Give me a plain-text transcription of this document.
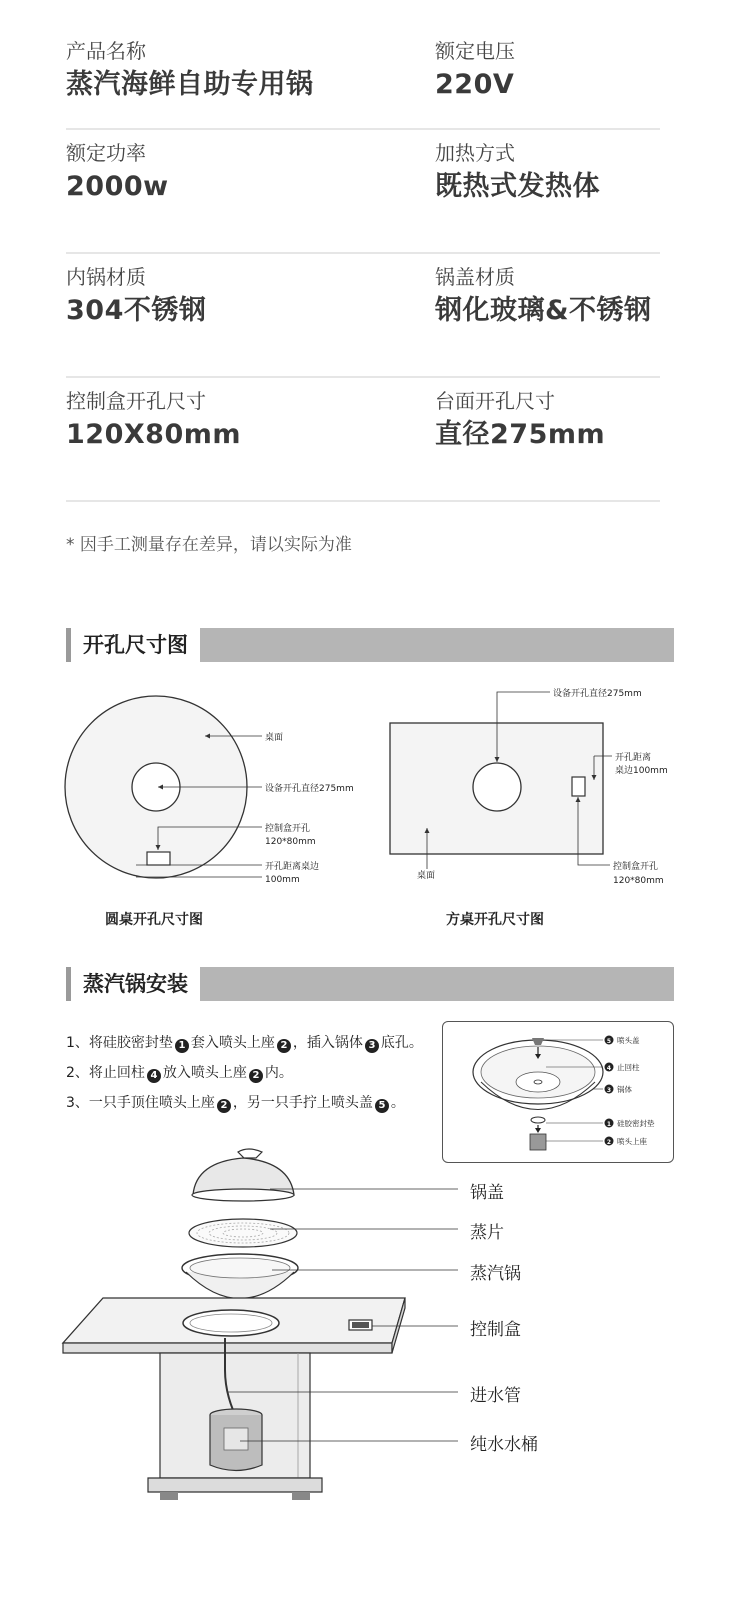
产品名称
蒸汽海鲜自助专用锅
额定电压
220V
额定功率
2000w
加热方式
既热式发热体
内锅材质
304不锈钢
锅盖材质
钢化玻璃&不锈钢
控制盒开孔尺寸
120X80mm
台面开孔尺寸
直径275mm
* 因手工测量存在差异，请以实际为准
开孔尺寸图
桌面
设备开孔直径275mm
控制盒开孔
120*80mm
开孔距离桌边
100mm
圆桌开孔尺寸图
设备开孔直径275mm
开孔距离
桌边100mm
桌面
控制盒开孔
120*80mm
方桌开孔尺寸图
蒸汽锅安装
1、将硅胶密封垫 1 套入喷头上座 2 ，插入锅体 3 底孔。
2、将止回柱 4 放入喷头上座 2 内。
3、一只手顶住喷头上座 2 ，另一只手拧上喷头盖 5 。
5
4
3
1
2
喷头盖
止回柱
锅体
硅胶密封垫
喷头上座
锅盖
蒸片
蒸汽锅
控制盒
进水管
纯水水桶
